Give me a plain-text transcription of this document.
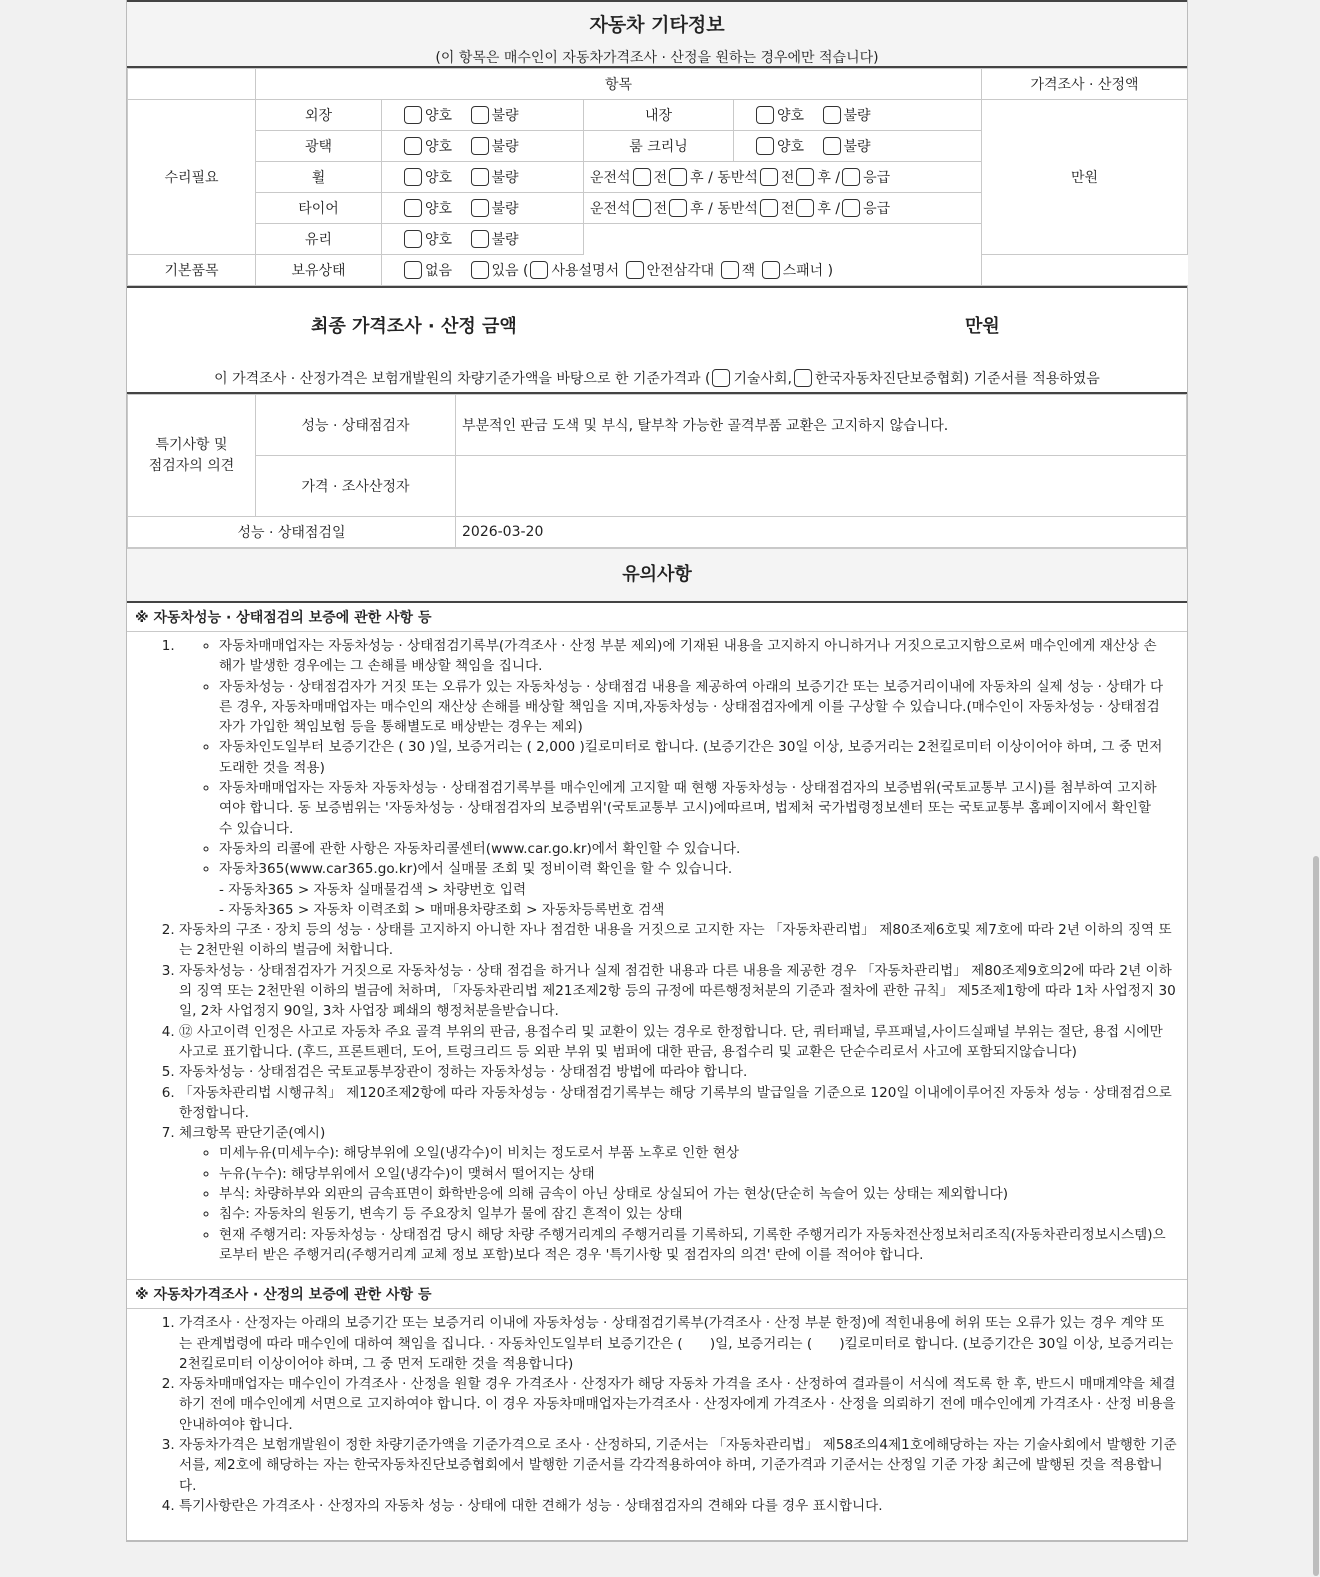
자동차 기타정보
(이 항목은 매수인이 자동차가격조사 · 산정을 원하는 경우에만 적습니다)
	항목				가격조사 · 산정액
수리필요	외장	양호 불량	내장	양호 불량	만원
	광택	양호 불량	룸 크리닝	양호 불량	
	휠	양호 불량	운전석 전 후 / 동반석 전 후 / 응급		
	타이어	양호 불량	운전석 전 후 / 동반석 전 후 / 응급		
	유리	양호 불량			
기본품목	보유상태	없음 있음 ( 사용설명서 안전삼각대 잭 스패너 )			
최종 가격조사 · 산정 금액	만원
이 가격조사 · 산정가격은 보험개발원의 차량기준가액을 바탕으로 한 기준가격과 ( 기술사회, 한국자동차진단보증협회) 기준서를 적용하였음
특기사항 및
점검자의 의견	성능 · 상태점검자	부분적인 판금 도색 및 부식, 탈부착 가능한 골격부품 교환은 고지하지 않습니다.
	가격 · 조사산정자	
성능 · 상태점검일		2026-03-20
유의사항
※ 자동차성능 · 상태점검의 보증에 관한 사항 등
◦ 1. 자동차매매업자는 자동차성능 · 상태점검기록부(가격조사 · 산정 부분 제외)에 기재된 내용을 고지하지 아니하거나 거짓으로고지함으로써 매수인에게 재산상 손해가 발생한 경우에는 그 손해를 배상할 책임을 집니다.
◦ 자동차성능 · 상태점검자가 거짓 또는 오류가 있는 자동차성능 · 상태점검 내용을 제공하여 아래의 보증기간 또는 보증거리이내에 자동차의 실제 성능 · 상태가 다른 경우, 자동차매매업자는 매수인의 재산상 손해를 배상할 책임을 지며,자동차성능 · 상태점검자에게 이를 구상할 수 있습니다.(매수인이 자동차성능 · 상태점검자가 가입한 책임보험 등을 통해별도로 배상받는 경우는 제외)
◦ 자동차인도일부터 보증기간은 ( 30 )일, 보증거리는 ( 2,000 )킬로미터로 합니다. (보증기간은 30일 이상, 보증거리는 2천킬로미터 이상이어야 하며, 그 중 먼저 도래한 것을 적용)
◦ 자동차매매업자는 자동차 자동차성능 · 상태점검기록부를 매수인에게 고지할 때 현행 자동차성능 · 상태점검자의 보증범위(국토교통부 고시)를 첨부하여 고지하여야 합니다. 동 보증범위는 '자동차성능 · 상태점검자의 보증범위'(국토교통부 고시)에따르며, 법제처 국가법령정보센터 또는 국토교통부 홈페이지에서 확인할 수 있습니다.
◦ 자동차의 리콜에 관한 사항은 자동차리콜센터(www.car.go.kr)에서 확인할 수 있습니다.
◦ 자동차365(www.car365.go.kr)에서 실매물 조회 및 정비이력 확인을 할 수 있습니다.
- 자동차365 > 자동차 실매물검색 > 차량번호 입력
- 자동차365 > 자동차 이력조회 > 매매용차량조회 > 자동차등록번호 검색
2. 자동차의 구조 · 장치 등의 성능 · 상태를 고지하지 아니한 자나 점검한 내용을 거짓으로 고지한 자는 「자동차관리법」 제80조제6호및 제7호에 따라 2년 이하의 징역 또는 2천만원 이하의 벌금에 처합니다.
3. 자동차성능 · 상태점검자가 거짓으로 자동차성능 · 상태 점검을 하거나 실제 점검한 내용과 다른 내용을 제공한 경우 「자동차관리법」 제80조제9호의2에 따라 2년 이하의 징역 또는 2천만원 이하의 벌금에 처하며, 「자동차관리법 제21조제2항 등의 규정에 따른행정처분의 기준과 절차에 관한 규칙」 제5조제1항에 따라 1차 사업정지 30일, 2차 사업정지 90일, 3차 사업장 폐쇄의 행정처분을받습니다.
4. ⑫ 사고이력 인정은 사고로 자동차 주요 골격 부위의 판금, 용접수리 및 교환이 있는 경우로 한정합니다. 단, 쿼터패널, 루프패널,사이드실패널 부위는 절단, 용접 시에만 사고로 표기합니다. (후드, 프론트펜더, 도어, 트렁크리드 등 외판 부위 및 범퍼에 대한 판금, 용접수리 및 교환은 단순수리로서 사고에 포함되지않습니다)
5. 자동차성능 · 상태점검은 국토교통부장관이 정하는 자동차성능 · 상태점검 방법에 따라야 합니다.
6. 「자동차관리법 시행규칙」 제120조제2항에 따라 자동차성능 · 상태점검기록부는 해당 기록부의 발급일을 기준으로 120일 이내에이루어진 자동차 성능 · 상태점검으로 한정합니다.
7. 체크항목 판단기준(예시)
◦ 미세누유(미세누수): 해당부위에 오일(냉각수)이 비치는 정도로서 부품 노후로 인한 현상
◦ 누유(누수): 해당부위에서 오일(냉각수)이 맺혀서 떨어지는 상태
◦ 부식: 차량하부와 외판의 금속표면이 화학반응에 의해 금속이 아닌 상태로 상실되어 가는 현상(단순히 녹슬어 있는 상태는 제외합니다)
◦ 침수: 자동차의 원동기, 변속기 등 주요장치 일부가 물에 잠긴 흔적이 있는 상태
◦ 현재 주행거리: 자동차성능 · 상태점검 당시 해당 차량 주행거리계의 주행거리를 기록하되, 기록한 주행거리가 자동차전산정보처리조직(자동차관리정보시스템)으로부터 받은 주행거리(주행거리계 교체 정보 포함)보다 적은 경우 '특기사항 및 점검자의 의견' 란에 이를 적어야 합니다.
※ 자동차가격조사 · 산정의 보증에 관한 사항 등
1. 가격조사 · 산정자는 아래의 보증기간 또는 보증거리 이내에 자동차성능 · 상태점검기록부(가격조사 · 산정 부분 한정)에 적힌내용에 허위 또는 오류가 있는 경우 계약 또는 관계법령에 따라 매수인에 대하여 책임을 집니다. · 자동차인도일부터 보증기간은 (　　)일, 보증거리는 (　　)킬로미터로 합니다. (보증기간은 30일 이상, 보증거리는 2천킬로미터 이상이어야 하며, 그 중 먼저 도래한 것을 적용합니다)
2. 자동차매매업자는 매수인이 가격조사 · 산정을 원할 경우 가격조사 · 산정자가 해당 자동차 가격을 조사 · 산정하여 결과를이 서식에 적도록 한 후, 반드시 매매계약을 체결하기 전에 매수인에게 서면으로 고지하여야 합니다. 이 경우 자동차매매업자는가격조사 · 산정자에게 가격조사 · 산정을 의뢰하기 전에 매수인에게 가격조사 · 산정 비용을 안내하여야 합니다.
3. 자동차가격은 보험개발원이 정한 차량기준가액을 기준가격으로 조사 · 산정하되, 기준서는 「자동차관리법」 제58조의4제1호에해당하는 자는 기술사회에서 발행한 기준서를, 제2호에 해당하는 자는 한국자동차진단보증협회에서 발행한 기준서를 각각적용하여야 하며, 기준가격과 기준서는 산정일 기준 가장 최근에 발행된 것을 적용합니다.
4. 특기사항란은 가격조사 · 산정자의 자동차 성능 · 상태에 대한 견해가 성능 · 상태점검자의 견해와 다를 경우 표시합니다.
